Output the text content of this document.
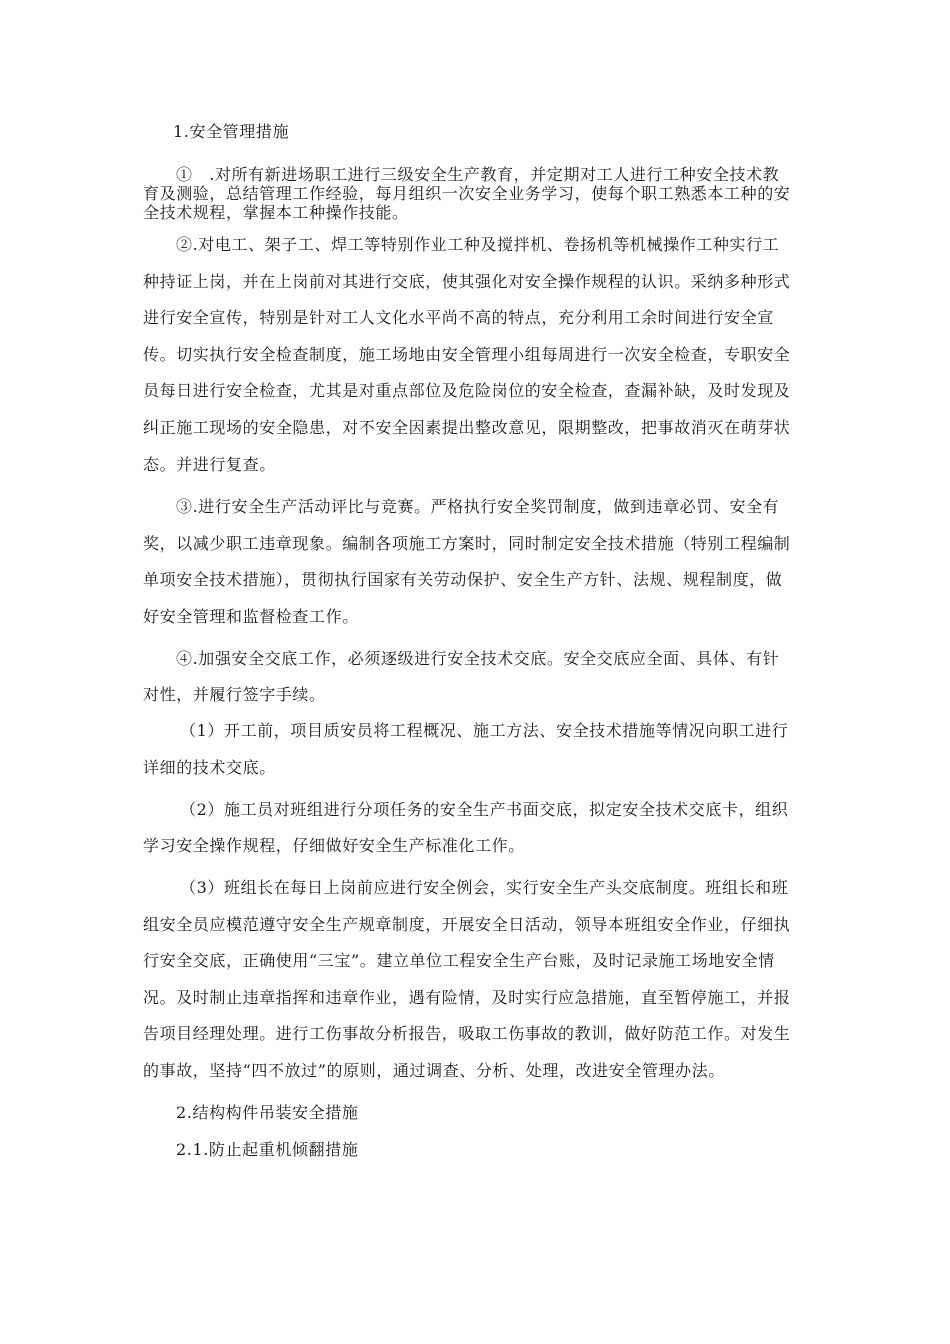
1.安全管理措施
①　.对所有新进场职工进行三级安全生产教育，并定期对工人进行工种安全技术教
育及测验，总结管理工作经验，每月组织一次安全业务学习，使每个职工熟悉本工种的安
全技术规程，掌握本工种操作技能。
②.对电工、架子工、焊工等特别作业工种及搅拌机、卷扬机等机械操作工种实行工
种持证上岗，并在上岗前对其进行交底，使其强化对安全操作规程的认识。采纳多种形式
进行安全宣传，特别是针对工人文化水平尚不高的特点，充分利用工余时间进行安全宣
传。切实执行安全检查制度，施工场地由安全管理小组每周进行一次安全检查，专职安全
员每日进行安全检查，尤其是对重点部位及危险岗位的安全检查，查漏补缺，及时发现及
纠正施工现场的安全隐患，对不安全因素提出整改意见，限期整改，把事故消灭在萌芽状
态。并进行复查。
③.进行安全生产活动评比与竞赛。严格执行安全奖罚制度，做到违章必罚、安全有
奖，以减少职工违章现象。编制各项施工方案时，同时制定安全技术措施（特别工程编制
单项安全技术措施），贯彻执行国家有关劳动保护、安全生产方针、法规、规程制度，做
好安全管理和监督检查工作。
④.加强安全交底工作，必须逐级进行安全技术交底。安全交底应全面、具体、有针
对性，并履行签字手续。
（1）开工前，项目质安员将工程概况、施工方法、安全技术措施等情况向职工进行
详细的技术交底。
（2）施工员对班组进行分项任务的安全生产书面交底，拟定安全技术交底卡，组织
学习安全操作规程，仔细做好安全生产标准化工作。
（3）班组长在每日上岗前应进行安全例会，实行安全生产头交底制度。班组长和班
组安全员应模范遵守安全生产规章制度，开展安全日活动，领导本班组安全作业，仔细执
行安全交底，正确使用“三宝”。建立单位工程安全生产台账，及时记录施工场地安全情
况。及时制止违章指挥和违章作业，遇有险情，及时实行应急措施，直至暂停施工，并报
告项目经理处理。进行工伤事故分析报告，吸取工伤事故的教训，做好防范工作。对发生
的事故，坚持“四不放过”的原则，通过调查、分析、处理，改进安全管理办法。
2.结构构件吊装安全措施
2.1.防止起重机倾翻措施
